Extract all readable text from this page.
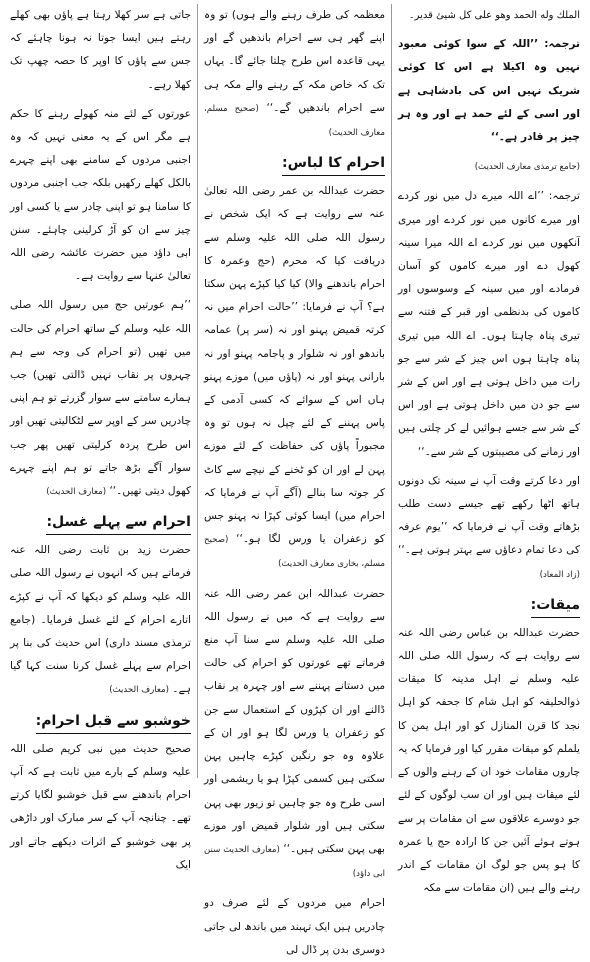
الملك وله الحمد وهو علی کل شیئ قدیر۔

ترجمہ: ’’اللہ کے سوا کوئی معبود نہیں وہ اکیلا ہے اس کا کوئی شریک نہیں اس کی بادشاہی ہے اور اسی کے لئے حمد ہے اور وہ ہر چیز پر قادر ہے۔‘‘

(جامع ترمذی معارف الحدیث)

ترجمہ: ’’اے اللہ میرے دل میں نور کردے اور میرے کانوں میں نور کردے اور میری آنکھوں میں نور کردے اے اللہ میرا سینہ کھول دے اور میرے کاموں کو آسان فرمادے اور میں سینہ کے وسوسوں اور کاموں کی بدنظمی اور قبر کے فتنہ سے تیری پناہ چاہتا ہوں۔ اے اللہ میں تیری پناہ چاہتا ہوں اس چیز کے شر سے جو رات میں داخل ہوتی ہے اور اس کے شر سے جو دن میں داخل ہوتی ہے اور اس کے شر سے جسے ہوائیں لے کر چلتی ہیں اور زمانے کی مصیبتوں کے شر سے۔‘‘

اور دعا کرتے وقت آپ نے سینہ تک دونوں ہاتھ اٹھا رکھے تھے جیسے دست طلب بڑھاتے وقت آپ نے فرمایا کہ ’’یوم عرفہ کی دعا تمام دعاؤں سے بہتر ہوتی ہے۔‘‘ (زاد المعاد)

میقات:

حضرت عبداللہ بن عباس رضی اللہ عنہ سے روایت ہے کہ رسول اللہ صلی اللہ علیہ وسلم نے اہل مدینہ کا میقات ذوالحلیفہ کو اہل شام کا جحفہ کو اہل نجد کا قرن المنازل کو اور اہل یمن کا یلملم کو میقات مقرر کیا اور فرمایا کہ یہ چاروں مقامات خود ان کے رہنے والوں کے لئے میقات ہیں اور ان سب لوگوں کے لئے جو دوسرے علاقوں سے ان مقامات پر سے ہوتے ہوئے آئیں جن کا ارادہ حج یا عمرہ کا ہو پس جو لوگ ان مقامات کے اندر رہنے والے ہیں (ان مقامات سے مکہ

معظمہ کی طرف رہنے والے ہوں) تو وہ اپنے گھر ہی سے احرام باندھیں گے اور یہی قاعدہ اس طرح چلتا جائے گا۔ یہاں تک کہ خاص مکہ کے رہنے والے مکہ ہی سے احرام باندھیں گے۔‘‘ (صحیح مسلم، معارف الحدیث)

احرام کا لباس:

حضرت عبداللہ بن عمر رضی اللہ تعالیٰ عنہ سے روایت ہے کہ ایک شخص نے رسول اللہ صلی اللہ علیہ وسلم سے دریافت کیا کہ محرم (حج وعمرہ کا احرام باندھنے والا) کیا کیا کپڑے پہن سکتا ہے؟ آپ نے فرمایا: ’’حالت احرام میں نہ کرتہ قمیض پہنو اور نہ (سر پر) عمامہ باندھو اور نہ شلوار و پاجامہ پہنو اور نہ بارانی پہنو اور نہ (پاؤں میں) موزے پہنو ہاں اس کے سوائے کہ کسی آدمی کے پاس پہننے کے لئے چپل نہ ہوں تو وہ مجبوراً پاؤں کی حفاظت کے لئے موزے پہن لے اور ان کو ٹخنے کے نیچے سے کاٹ کر جوتہ سا بنالے (آگے آپ نے فرمایا کہ احرام میں) ایسا کوئی کپڑا نہ پہنو جس کو زعفران یا ورس لگا ہو۔‘‘ (صحیح مسلم، بخاری معارف الحدیث)

حضرت عبداللہ ابن عمر رضی اللہ عنہ سے روایت ہے کہ میں نے رسول اللہ صلی اللہ علیہ وسلم سے سنا آپ منع فرماتے تھے عورتوں کو احرام کی حالت میں دستانے پہننے سے اور چہرہ پر نقاب ڈالنے اور ان کپڑوں کے استعمال سے جن کو زعفران یا ورس لگا ہو اور ان کے علاوہ وہ جو رنگین کپڑے چاہیں پہن سکتی ہیں کسمی کپڑا ہو یا ریشمی اور اسی طرح وہ جو چاہیں تو زیور بھی پہن سکتی ہیں اور شلوار قمیض اور موزے بھی پہن سکتی ہیں۔‘‘ (معارف الحدیث سنن ابی داؤد)

احرام میں مردوں کے لئے صرف دو چادریں ہیں ایک تہبند میں باندھ لی جاتی دوسری بدن پر ڈال لی

جاتی ہے سر کھلا رہتا ہے پاؤں بھی کھلے رہتے ہیں ایسا جوتا نہ ہونا چاہئے کہ جس سے پاؤں کا اوپر کا حصہ چھپ تک کھلا رہے۔

عورتوں کے لئے منہ کھولے رہنے کا حکم ہے مگر اس کے یہ معنی نہیں کہ وہ اجنبی مردوں کے سامنے بھی اپنے چہرے بالکل کھلے رکھیں بلکہ جب اجنبی مردوں کا سامنا ہو تو اپنی چادر سے یا کسی اور چیز سے ان کو آڑ کرلینی چاہئے۔ سنن ابی داؤد میں حضرت عائشہ رضی اللہ تعالیٰ عنہا سے روایت ہے۔

’’ہم عورتیں حج میں رسول اللہ صلی اللہ علیہ وسلم کے ساتھ احرام کی حالت میں تھیں (تو احرام کی وجہ سے ہم چہروں پر نقاب نہیں ڈالتی تھیں) جب ہمارے سامنے سے سوار گزرتے تو ہم اپنی چادریں سر کے اوپر سے لٹکالیتی تھیں اور اس طرح پردہ کرلیتی تھیں پھر جب سوار آگے بڑھ جاتے تو ہم اپنے چہرے کھول دیتی تھیں۔‘‘ (معارف الحدیث)

احرام سے پہلے غسل:

حضرت زید بن ثابت رضی اللہ عنہ فرماتے ہیں کہ انہوں نے رسول اللہ صلی اللہ علیہ وسلم کو دیکھا کہ آپ نے کپڑے اتارے احرام کے لئے غسل فرمایا۔ (جامع ترمذی مسند داری) اس حدیث کی بنا پر احرام سے پہلے غسل کرنا سنت کہا گیا ہے۔ (معارف الحدیث)

خوشبو سے قبل احرام:

صحیح حدیث میں نبی کریم صلی اللہ علیہ وسلم کے بارے میں ثابت ہے کہ آپ احرام باندھنے سے قبل خوشبو لگایا کرتے تھے۔ چنانچہ آپ کے سر مبارک اور داڑھی پر بھی خوشبو کے اثرات دیکھے جاتے اور ایک
